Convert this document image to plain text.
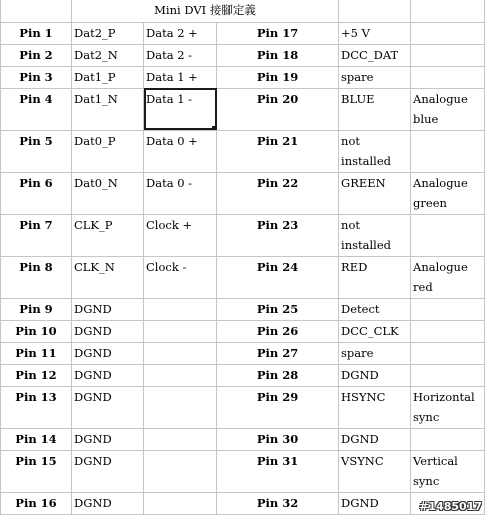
	Mini DVI 接腳定義				
Pin 1	Dat2_P	Data 2 +	Pin 17	+5 V	
Pin 2	Dat2_N	Data 2 -	Pin 18	DCC_DAT	
Pin 3	Dat1_P	Data 1 +	Pin 19	spare	
Pin 4	Dat1_N	Data 1 -	Pin 20	BLUE	Analogue blue
Pin 5	Dat0_P	Data 0 +	Pin 21	not installed	
Pin 6	Dat0_N	Data 0 -	Pin 22	GREEN	Analogue green
Pin 7	CLK_P	Clock +	Pin 23	not installed	
Pin 8	CLK_N	Clock -	Pin 24	RED	Analogue red
Pin 9	DGND		Pin 25	Detect	
Pin 10	DGND		Pin 26	DCC_CLK	
Pin 11	DGND		Pin 27	spare	
Pin 12	DGND		Pin 28	DGND	
Pin 13	DGND		Pin 29	HSYNC	Horizontal sync
Pin 14	DGND		Pin 30	DGND	
Pin 15	DGND		Pin 31	VSYNC	Vertical sync
Pin 16	DGND		Pin 32	DGND		#1485017
